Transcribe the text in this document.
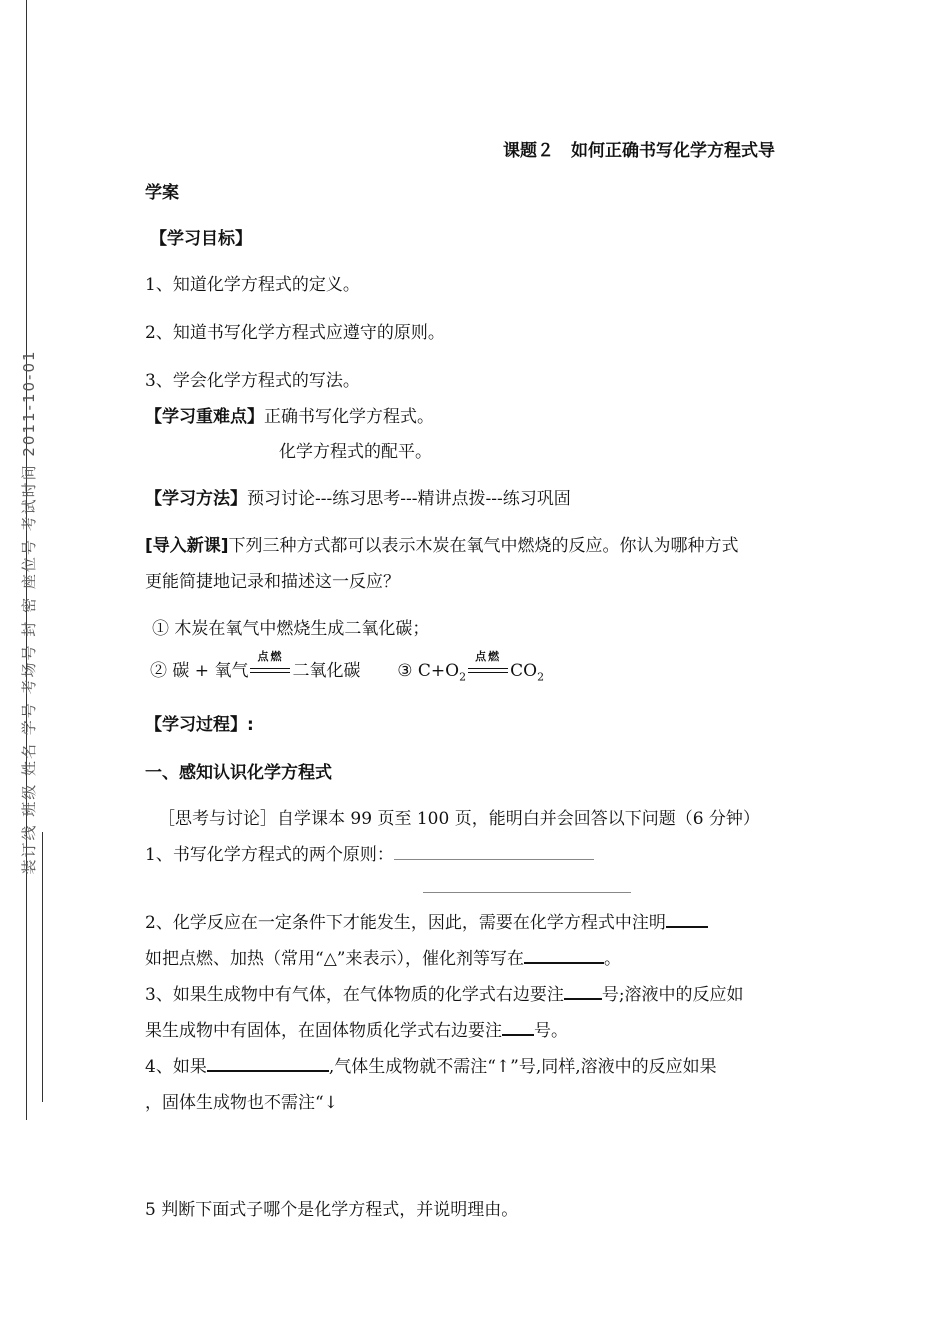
装订线 班级 姓名 学号 考场号 封 密 座位号 考试时间 2011-10-01
课题２　如何正确书写化学方程式导
学案
【学习目标】
1、知道化学方程式的定义。
2、知道书写化学方程式应遵守的原则。
3、学会化学方程式的写法。
【学习重难点】正确书写化学方程式。
化学方程式的配平。
【学习方法】预习讨论---练习思考---精讲点拨---练习巩固
[导入新课]下列三种方式都可以表示木炭在氧气中燃烧的反应。你认为哪种方式
更能简捷地记录和描述这一反应？
① 木炭在氧气中燃烧生成二氧化碳；
② 碳 + 氧气
点燃
二氧化碳 ③ $C+O_2$
点燃
$CO_2$
【学习过程】:
一、感知认识化学方程式
［思考与讨论］自学课本 99 页至 100 页，能明白并会回答以下问题（6 分钟）
1、书写化学方程式的两个原则：
2、化学反应在一定条件下才能发生，因此，需要在化学方程式中注明
如把点燃、加热（常用“△”来表示），催化剂等写在	。
3、如果生成物中有气体，在气体物质的化学式右边要注 号;溶液中的反应如
果生成物中有固体，在固体物质化学式右边要注 号。
4、如果	,气体生成物就不需注“↑”号,同样,溶液中的反应如果
，固体生成物也不需注“↓
5 判断下面式子哪个是化学方程式，并说明理由。
